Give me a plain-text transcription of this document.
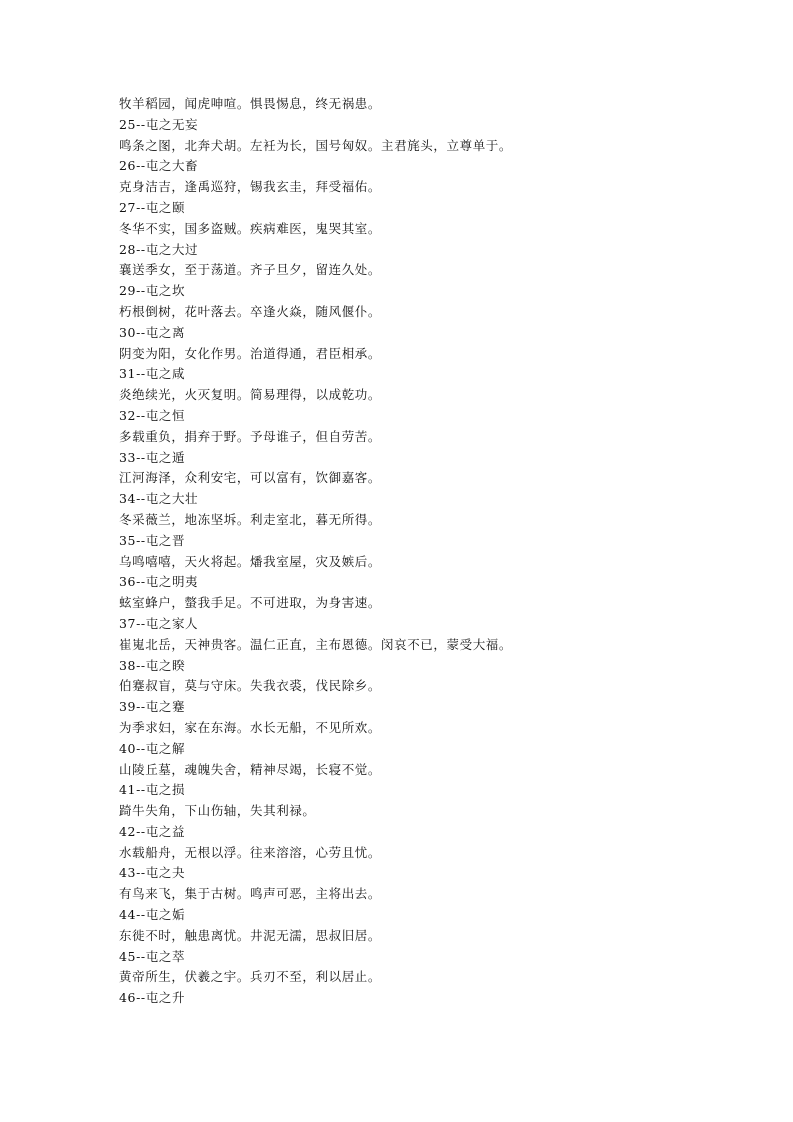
牧羊稻园，闻虎呻喧。惧畏惕息，终无祸患。
25--屯之无妄
鸣条之图，北奔犬胡。左衽为长，国号匈奴。主君旄头，立尊单于。
26--屯之大畜
克身洁吉，逢禹巡狩，锡我玄圭，拜受福佑。
27--屯之颐
冬华不实，国多盗贼。疾病难医，鬼哭其室。
28--屯之大过
襄送季女，至于荡道。齐子旦夕，留连久处。
29--屯之坎
朽根倒树，花叶落去。卒逢火焱，随风偃仆。
30--屯之离
阴变为阳，女化作男。治道得通，君臣相承。
31--屯之咸
炎绝续光，火灭复明。简易理得，以成乾功。
32--屯之恒
多载重负，捐弃于野。予母谁子，但自劳苦。
33--屯之遁
江河海泽，众利安宅，可以富有，饮御嘉客。
34--屯之大壮
冬采薇兰，地冻坚坼。利走室北，暮无所得。
35--屯之晋
乌鸣嘻嘻，天火将起。燔我室屋，灾及嫉后。
36--屯之明夷
蚿室蜂户，螫我手足。不可进取，为身害速。
37--屯之家人
崔嵬北岳，天神贵客。温仁正直，主布恩德。闵哀不已，蒙受大福。
38--屯之睽
伯蹇叔盲，莫与守床。失我衣裘，伐民除乡。
39--屯之蹇
为季求妇，家在东海。水长无船，不见所欢。
40--屯之解
山陵丘墓，魂魄失舍，精神尽竭，长寝不觉。
41--屯之损
踦牛失角，下山伤轴，失其利禄。
42--屯之益
水载船舟，无根以浮。往来溶溶，心劳且忧。
43--屯之夬
有鸟来飞，集于古树。鸣声可恶，主将出去。
44--屯之姤
东徙不时，触患离忧。井泥无濡，思叔旧居。
45--屯之萃
黄帝所生，伏羲之宇。兵刃不至，利以居止。
46--屯之升
